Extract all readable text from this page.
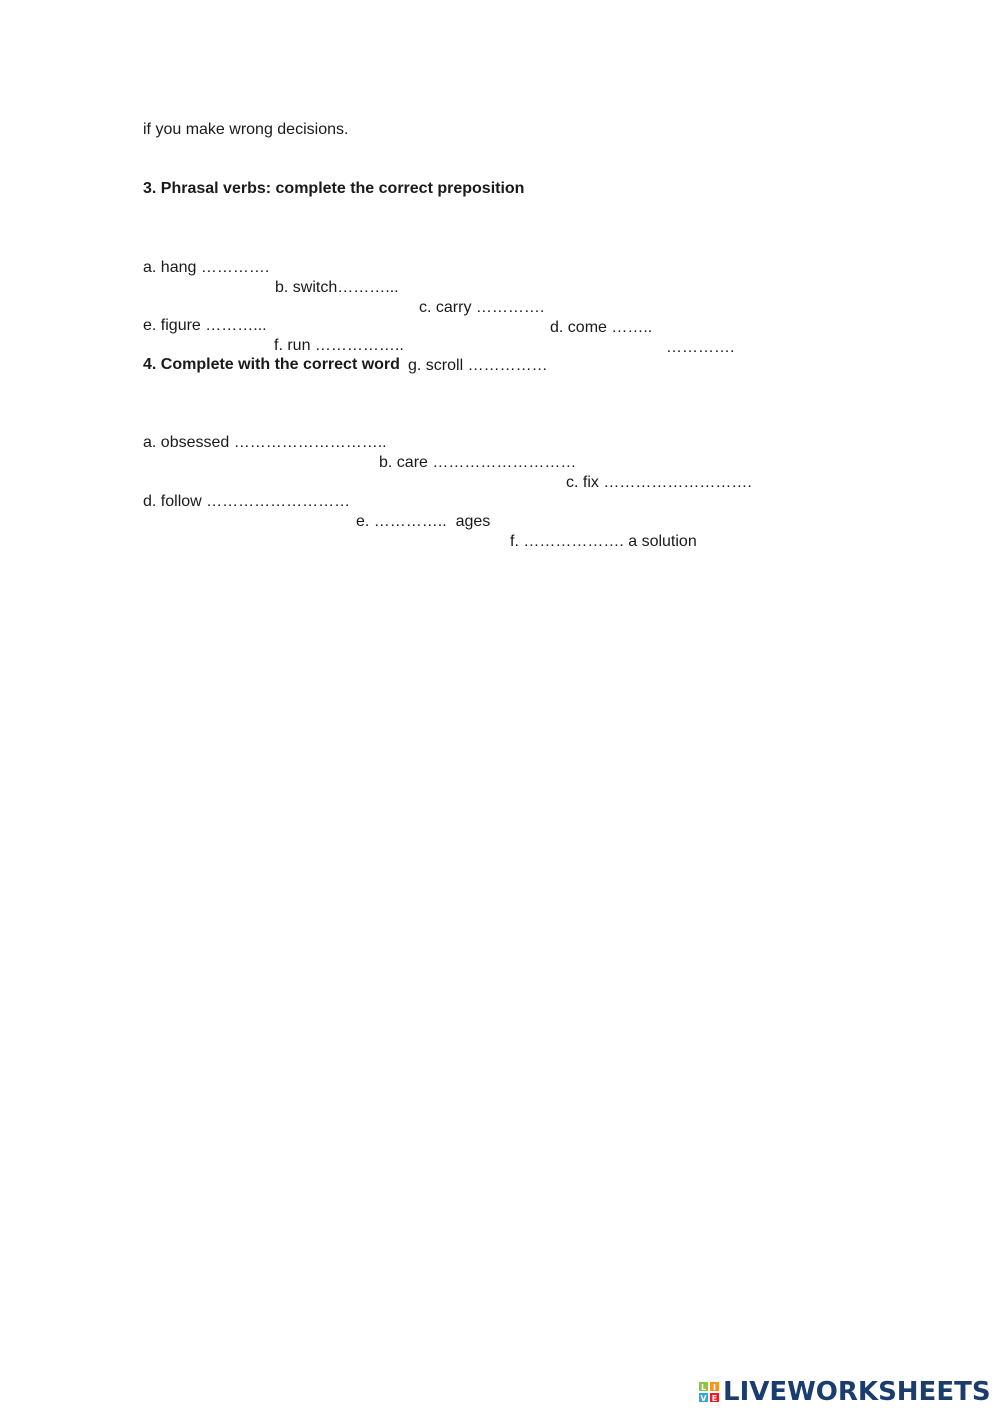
if you make wrong decisions.
3. Phrasal verbs: complete the correct preposition

a. hang ………….

b. switch………...

c. carry ………….

d. come ……..

………….

e. figure ………...

f. run ……………..

g. scroll ……………

4. Complete with the correct word

a. obsessed ………………………..

b. care ………………………

c. fix ……………………….

d. follow ………………………

e. …………..  ages

f. ………………. a solution

L I
V E LIVEWORKSHEETS
